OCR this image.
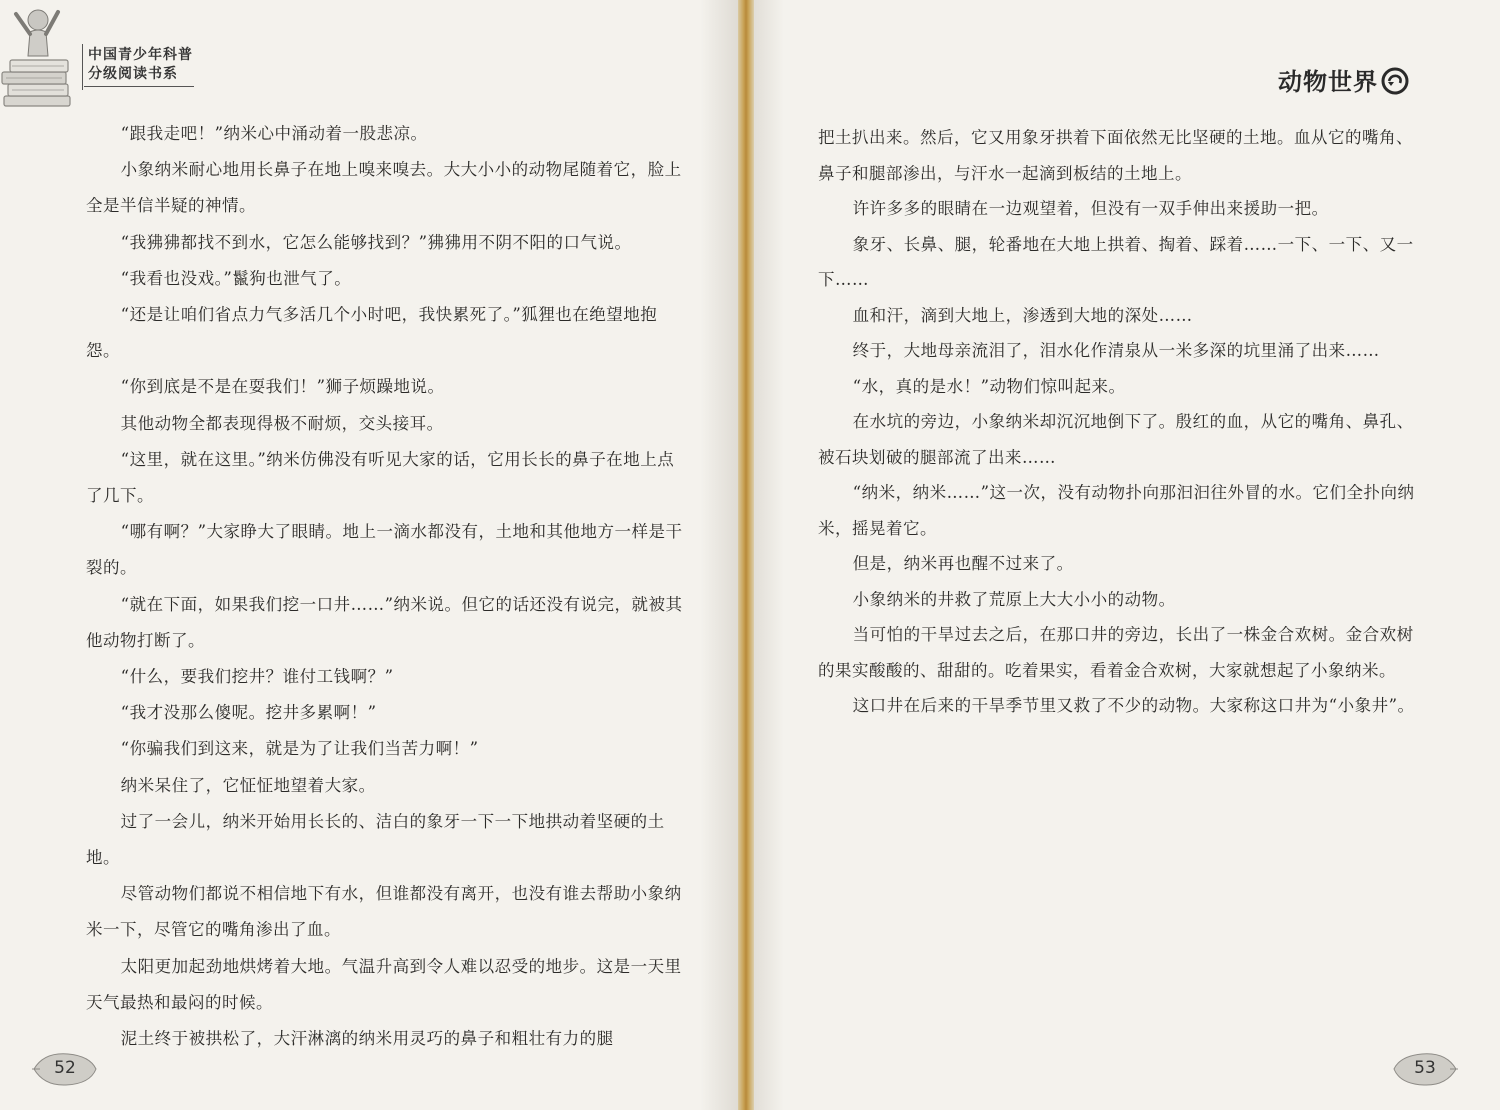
中国青少年科普
分级阅读书系

“跟我走吧！”纳米心中涌动着一股悲凉。

小象纳米耐心地用长鼻子在地上嗅来嗅去。大大小小的动物尾随着它，脸上全是半信半疑的神情。

“我狒狒都找不到水，它怎么能够找到？”狒狒用不阴不阳的口气说。

“我看也没戏。”鬣狗也泄气了。

“还是让咱们省点力气多活几个小时吧，我快累死了。”狐狸也在绝望地抱怨。

“你到底是不是在耍我们！”狮子烦躁地说。

其他动物全都表现得极不耐烦，交头接耳。

“这里，就在这里。”纳米仿佛没有听见大家的话，它用长长的鼻子在地上点了几下。

“哪有啊？”大家睁大了眼睛。地上一滴水都没有，土地和其他地方一样是干裂的。

“就在下面，如果我们挖一口井……”纳米说。但它的话还没有说完，就被其他动物打断了。

“什么，要我们挖井？谁付工钱啊？”

“我才没那么傻呢。挖井多累啊！”

“你骗我们到这来，就是为了让我们当苦力啊！”

纳米呆住了，它怔怔地望着大家。

过了一会儿，纳米开始用长长的、洁白的象牙一下一下地拱动着坚硬的土地。

尽管动物们都说不相信地下有水，但谁都没有离开，也没有谁去帮助小象纳米一下，尽管它的嘴角渗出了血。

太阳更加起劲地烘烤着大地。气温升高到令人难以忍受的地步。这是一天里天气最热和最闷的时候。

泥土终于被拱松了，大汗淋漓的纳米用灵巧的鼻子和粗壮有力的腿

52
动物世界

把土扒出来。然后，它又用象牙拱着下面依然无比坚硬的土地。血从它的嘴角、鼻子和腿部渗出，与汗水一起滴到板结的土地上。

许许多多的眼睛在一边观望着，但没有一双手伸出来援助一把。

象牙、长鼻、腿，轮番地在大地上拱着、掏着、踩着……一下、一下、又一下……

血和汗，滴到大地上，渗透到大地的深处……

终于，大地母亲流泪了，泪水化作清泉从一米多深的坑里涌了出来……

“水，真的是水！”动物们惊叫起来。

在水坑的旁边，小象纳米却沉沉地倒下了。殷红的血，从它的嘴角、鼻孔、被石块划破的腿部流了出来……

“纳米，纳米……”这一次，没有动物扑向那汩汩往外冒的水。它们全扑向纳米，摇晃着它。

但是，纳米再也醒不过来了。

小象纳米的井救了荒原上大大小小的动物。

当可怕的干旱过去之后，在那口井的旁边，长出了一株金合欢树。金合欢树的果实酸酸的、甜甜的。吃着果实，看着金合欢树，大家就想起了小象纳米。

这口井在后来的干旱季节里又救了不少的动物。大家称这口井为“小象井”。

53
